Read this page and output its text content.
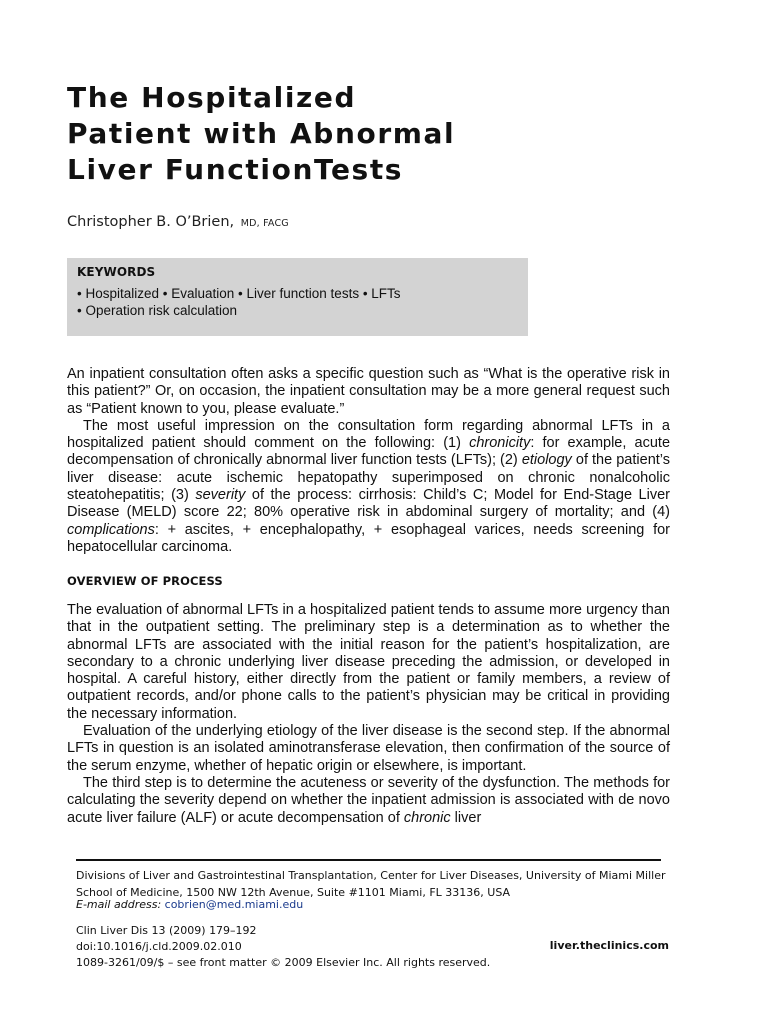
The Hospitalized
Patient with Abnormal
Liver FunctionTests
Christopher B. O’Brien, MD, FACG
KEYWORDS
• Hospitalized • Evaluation • Liver function tests • LFTs
• Operation risk calculation

An inpatient consultation often asks a specific question such as “What is the operative risk in this patient?” Or, on occasion, the inpatient consultation may be a more general request such as “Patient known to you, please evaluate.”

The most useful impression on the consultation form regarding abnormal LFTs in a hospitalized patient should comment on the following: (1) chronicity: for example, acute decompensation of chronically abnormal liver function tests (LFTs); (2) etiology of the patient’s liver disease: acute ischemic hepatopathy superimposed on chronic nonalcoholic steatohepatitis; (3) severity of the process: cirrhosis: Child’s C; Model for End-Stage Liver Disease (MELD) score 22; 80% operative risk in abdominal surgery of mortality; and (4) complications: + ascites, + encephalopathy, + esophageal varices, needs screening for hepatocellular carcinoma.

OVERVIEW OF PROCESS

The evaluation of abnormal LFTs in a hospitalized patient tends to assume more urgency than that in the outpatient setting. The preliminary step is a determination as to whether the abnormal LFTs are associated with the initial reason for the patient’s hospitalization, are secondary to a chronic underlying liver disease preceding the admission, or developed in hospital. A careful history, either directly from the patient or family members, a review of outpatient records, and/or phone calls to the patient’s physician may be critical in providing the necessary information.

Evaluation of the underlying etiology of the liver disease is the second step. If the abnormal LFTs in question is an isolated aminotransferase elevation, then confirmation of the source of the serum enzyme, whether of hepatic origin or elsewhere, is important.

The third step is to determine the acuteness or severity of the dysfunction. The methods for calculating the severity depend on whether the inpatient admission is associated with de novo acute liver failure (ALF) or acute decompensation of chronic liver

Divisions of Liver and Gastrointestinal Transplantation, Center for Liver Diseases, University of Miami Miller School of Medicine, 1500 NW 12th Avenue, Suite #1101 Miami, FL 33136, USA

E-mail address: cobrien@med.miami.edu
Clin Liver Dis 13 (2009) 179–192
doi:10.1016/j.cld.2009.02.010
1089-3261/09/$ – see front matter © 2009 Elsevier Inc. All rights reserved.
liver.theclinics.com
